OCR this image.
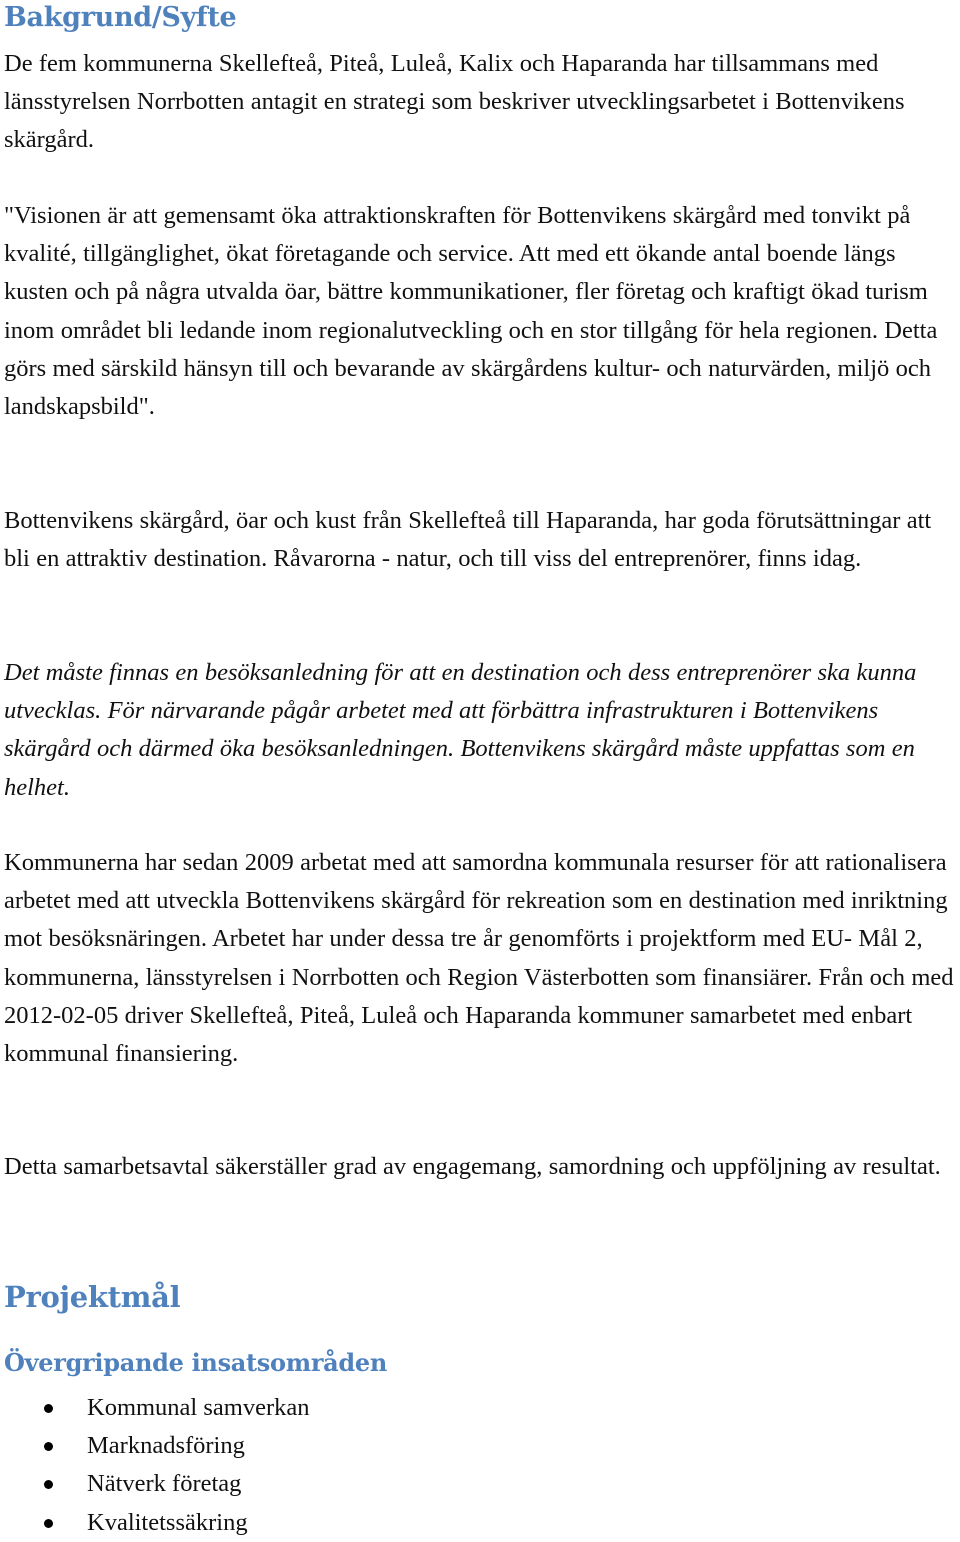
Bakgrund/Syfte

De fem kommunerna Skellefteå, Piteå, Luleå, Kalix och Haparanda har tillsammans med länsstyrelsen Norrbotten antagit en strategi som beskriver utvecklingsarbetet i Bottenvikens skärgård.

"Visionen är att gemensamt öka attraktionskraften för Bottenvikens skärgård med tonvikt på kvalité, tillgänglighet, ökat företagande och service. Att med ett ökande antal boende längs kusten och på några utvalda öar, bättre kommunikationer, fler företag och kraftigt ökad turism inom området bli ledande inom regionalutveckling och en stor tillgång för hela regionen. Detta görs med särskild hänsyn till och bevarande av skärgårdens kultur- och naturvärden, miljö och landskapsbild".

Bottenvikens skärgård, öar och kust från Skellefteå till Haparanda, har goda förutsättningar att bli en attraktiv destination. Råvarorna - natur, och till viss del entreprenörer, finns idag.

Det måste finnas en besöksanledning för att en destination och dess entreprenörer ska kunna utvecklas. För närvarande pågår arbetet med att förbättra infrastrukturen i Bottenvikens skärgård och därmed öka besöksanledningen. Bottenvikens skärgård måste uppfattas som en helhet.

Kommunerna har sedan 2009 arbetat med att samordna kommunala resurser för att rationalisera arbetet med att utveckla Bottenvikens skärgård för rekreation som en destination med inriktning mot besöksnäringen. Arbetet har under dessa tre år genomförts i projektform med EU- Mål 2, kommunerna, länsstyrelsen i Norrbotten och Region Västerbotten som finansiärer. Från och med 2012-02-05 driver Skellefteå, Piteå, Luleå och Haparanda kommuner samarbetet med enbart kommunal finansiering.

Detta samarbetsavtal säkerställer grad av engagemang, samordning och uppföljning av resultat.

Projektmål
Övergripande insatsområden
Kommunal samverkan
Marknadsföring
Nätverk företag
Kvalitetssäkring
